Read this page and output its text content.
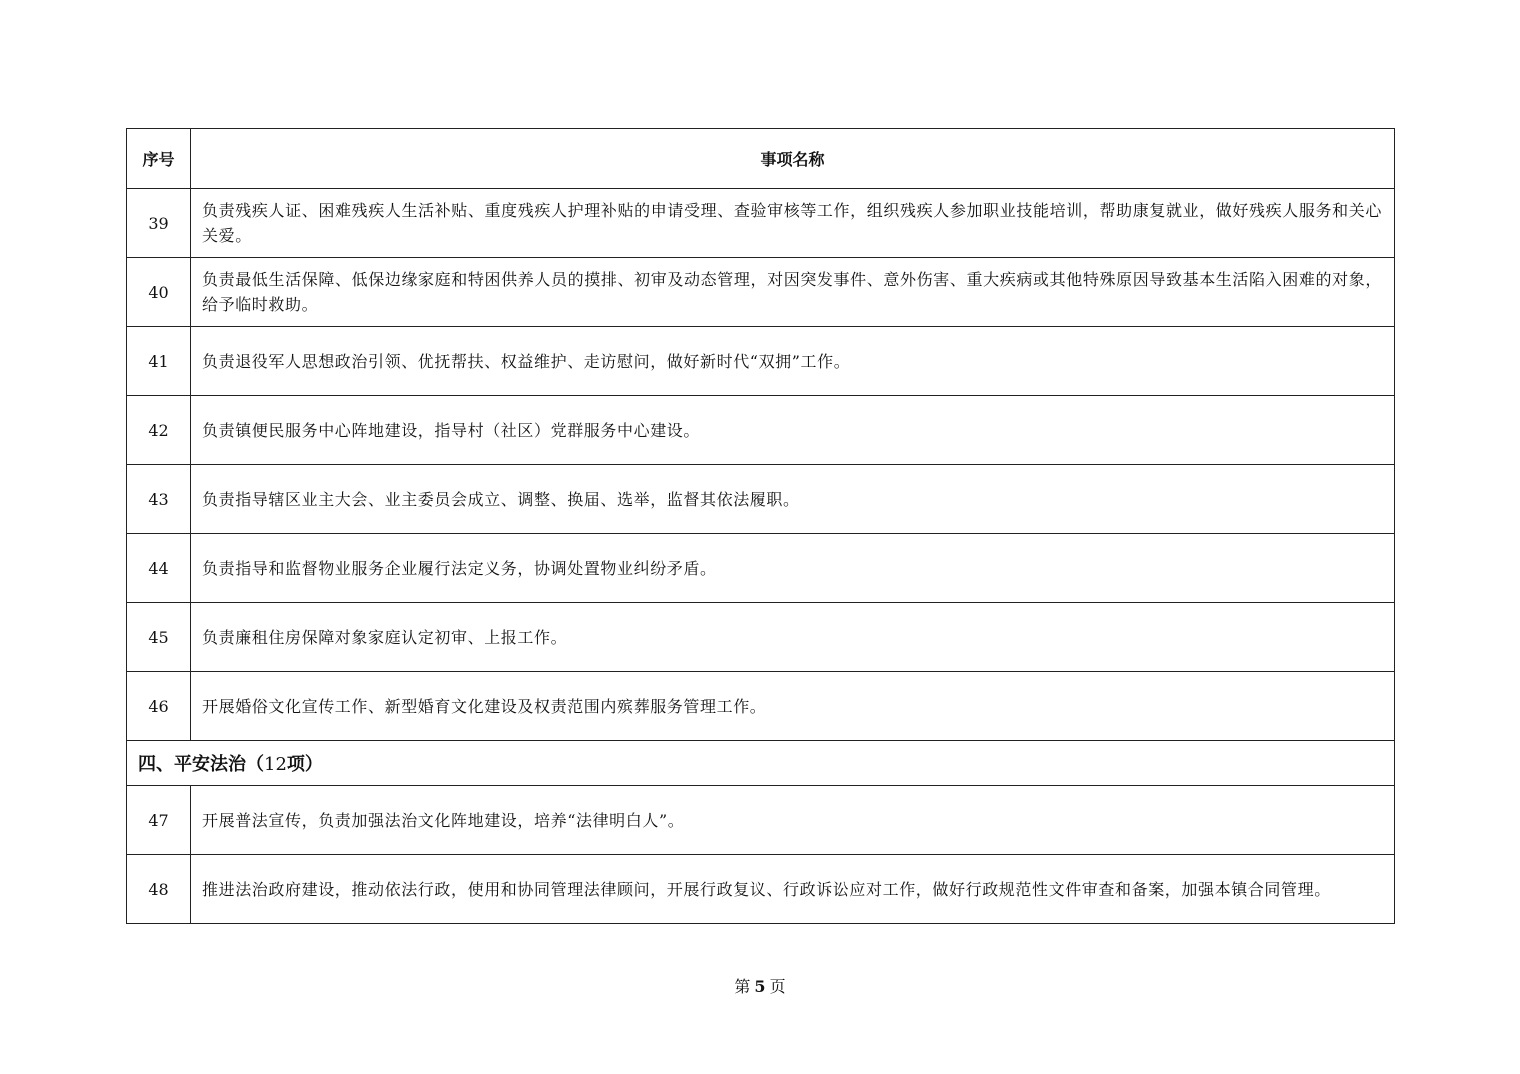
序号	事项名称
39	负责残疾人证、困难残疾人生活补贴、重度残疾人护理补贴的申请受理、查验审核等工作，组织残疾人参加职业技能培训，帮助康复就业，做好残疾人服务和关心关爱。
40	负责最低生活保障、低保边缘家庭和特困供养人员的摸排、初审及动态管理，对因突发事件、意外伤害、重大疾病或其他特殊原因导致基本生活陷入困难的对象，给予临时救助。
41	负责退役军人思想政治引领、优抚帮扶、权益维护、走访慰问，做好新时代“双拥”工作。
42	负责镇便民服务中心阵地建设，指导村（社区）党群服务中心建设。
43	负责指导辖区业主大会、业主委员会成立、调整、换届、选举，监督其依法履职。
44	负责指导和监督物业服务企业履行法定义务，协调处置物业纠纷矛盾。
45	负责廉租住房保障对象家庭认定初审、上报工作。
46	开展婚俗文化宣传工作、新型婚育文化建设及权责范围内殡葬服务管理工作。
四、平安法治（12项）	
47	开展普法宣传，负责加强法治文化阵地建设，培养“法律明白人”。
48	推进法治政府建设，推动依法行政，使用和协同管理法律顾问，开展行政复议、行政诉讼应对工作，做好行政规范性文件审查和备案，加强本镇合同管理。
第 5 页
